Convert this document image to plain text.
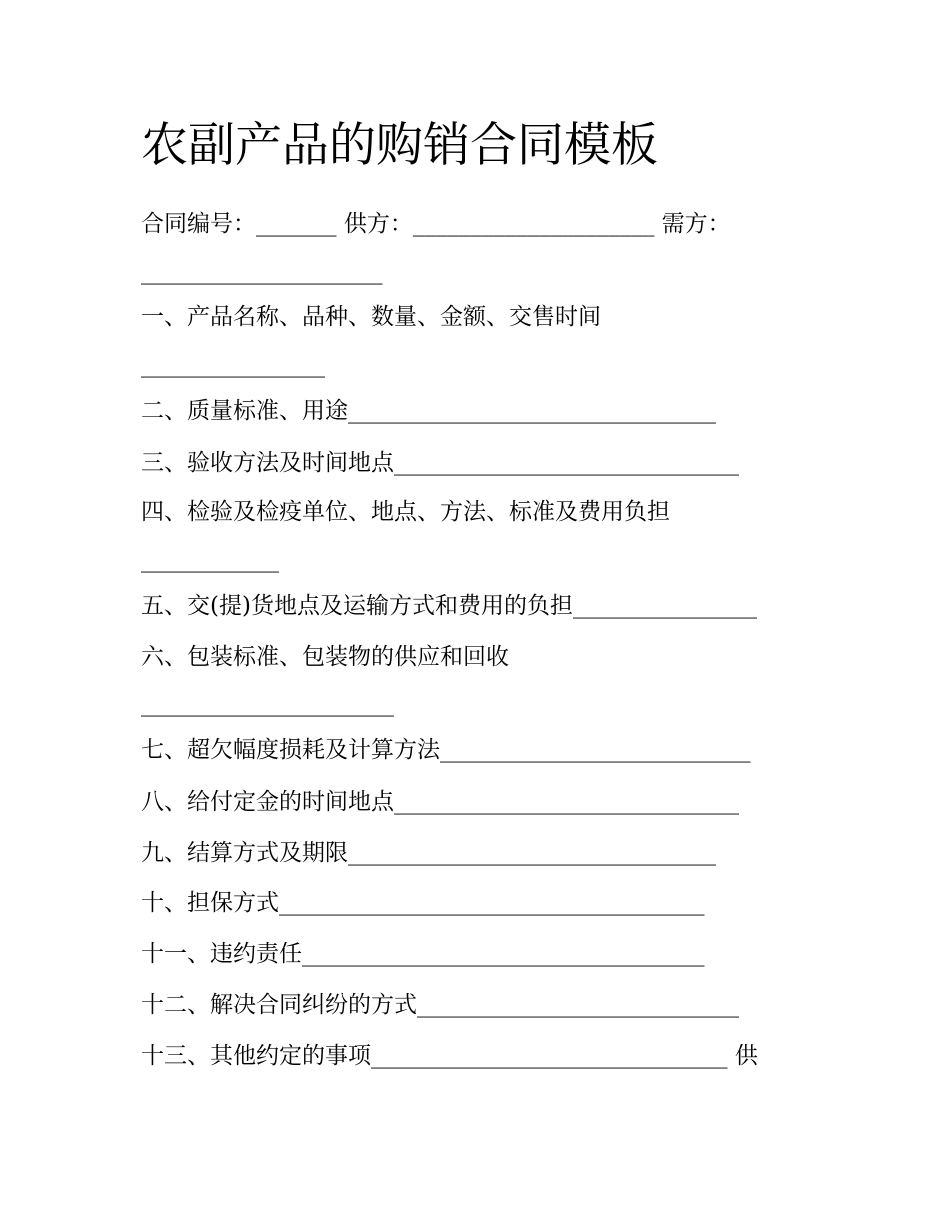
农副产品的购销合同模板
合同编号：_______ 供方：_____________________ 需方：
_____________________
一、产品名称、品种、数量、金额、交售时间
________________
二、质量标准、用途________________________________
三、验收方法及时间地点______________________________
四、检验及检疫单位、地点、方法、标准及费用负担
____________
五、交(提)货地点及运输方式和费用的负担________________
六、包装标准、包装物的供应和回收
______________________
七、超欠幅度损耗及计算方法___________________________
八、给付定金的时间地点______________________________
九、结算方式及期限________________________________
十、担保方式_____________________________________
十一、违约责任___________________________________
十二、解决合同纠纷的方式____________________________
十三、其他约定的事项_______________________________ 供
